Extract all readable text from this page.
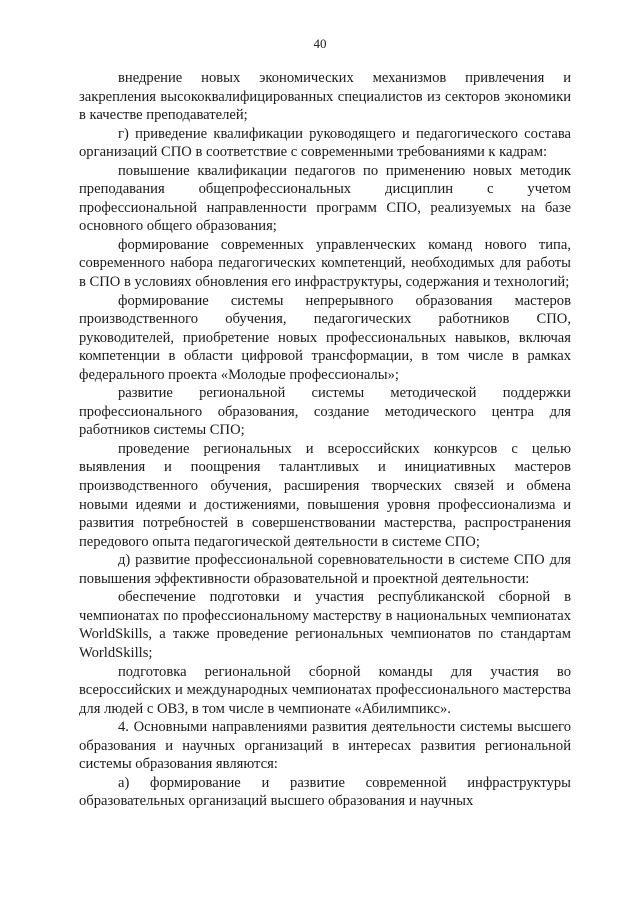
40

внедрение новых экономических механизмов привлечения и закрепления высококвалифицированных специалистов из секторов экономики в качестве преподавателей;

г) приведение квалификации руководящего и педагогического состава организаций СПО в соответствие с современными требованиями к кадрам:

повышение квалификации педагогов по применению новых методик преподавания общепрофессиональных дисциплин с учетом профессиональной направленности программ СПО, реализуемых на базе основного общего образования;

формирование современных управленческих команд нового типа, современного набора педагогических компетенций, необходимых для работы в СПО в условиях обновления его инфраструктуры, содержания и технологий;

формирование системы непрерывного образования мастеров производственного обучения, педагогических работников СПО, руководителей, приобретение новых профессиональных навыков, включая компетенции в области цифровой трансформации, в том числе в рамках федерального проекта «Молодые профессионалы»;

развитие региональной системы методической поддержки профессионального образования, создание методического центра для работников системы СПО;

проведение региональных и всероссийских конкурсов с целью выявления и поощрения талантливых и инициативных мастеров производственного обучения, расширения творческих связей и обмена новыми идеями и достижениями, повышения уровня профессионализма и развития потребностей в совершенствовании мастерства, распространения передового опыта педагогической деятельности в системе СПО;

д) развитие профессиональной соревновательности в системе СПО для повышения эффективности образовательной и проектной деятельности:

обеспечение подготовки и участия республиканской сборной в чемпионатах по профессиональному мастерству в национальных чемпионатах WorldSkills, а также проведение региональных чемпионатов по стандартам WorldSkills;

подготовка региональной сборной команды для участия во всероссийских и международных чемпионатах профессионального мастерства для людей с ОВЗ, в том числе в чемпионате «Абилимпикс».

4. Основными направлениями развития деятельности системы высшего образования и научных организаций в интересах развития региональной системы образования являются:

а) формирование и развитие современной инфраструктуры образовательных организаций высшего образования и научных
